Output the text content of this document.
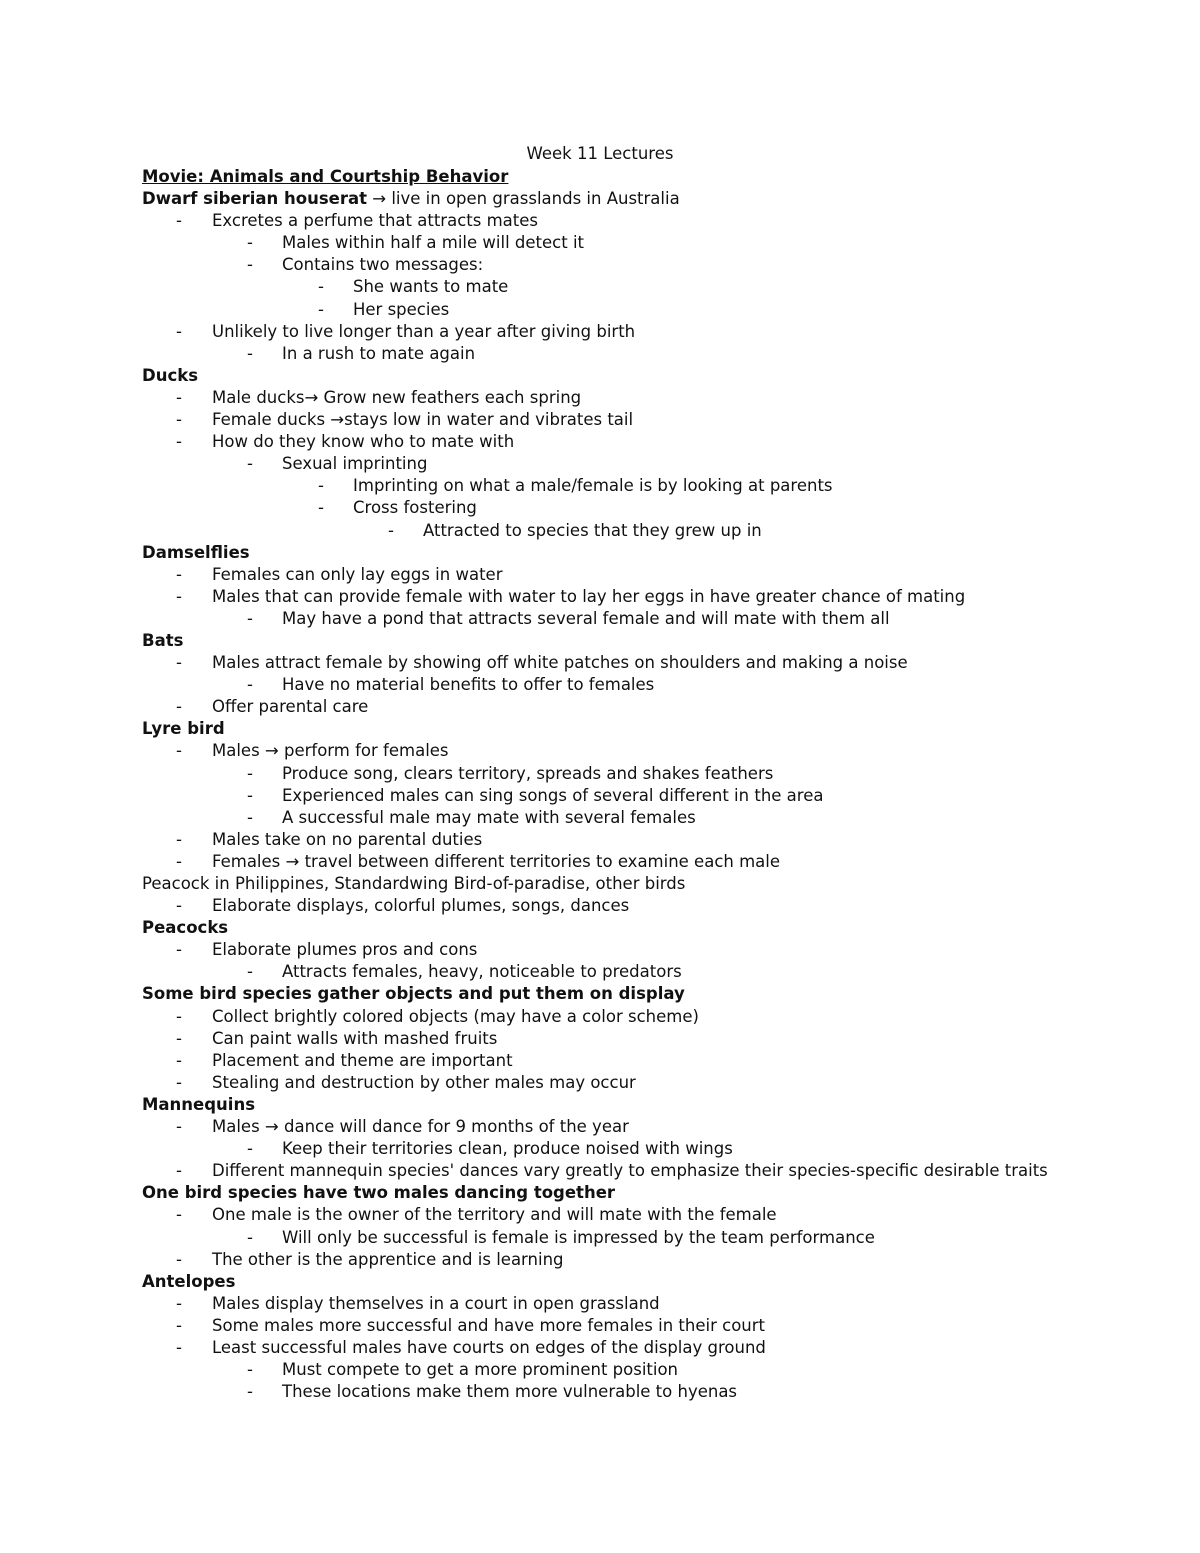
Week 11 Lectures
Movie: Animals and Courtship Behavior
Dwarf siberian houserat → live in open grasslands in Australia
- Excretes a perfume that attracts mates
- Males within half a mile will detect it
- Contains two messages:
- She wants to mate
- Her species
- Unlikely to live longer than a year after giving birth
- In a rush to mate again
Ducks
- Male ducks→ Grow new feathers each spring
- Female ducks →stays low in water and vibrates tail
- How do they know who to mate with
- Sexual imprinting
- Imprinting on what a male/female is by looking at parents
- Cross fostering
- Attracted to species that they grew up in
Damselflies
- Females can only lay eggs in water
- Males that can provide female with water to lay her eggs in have greater chance of mating
- May have a pond that attracts several female and will mate with them all
Bats
- Males attract female by showing off white patches on shoulders and making a noise
- Have no material benefits to offer to females
- Offer parental care
Lyre bird
- Males → perform for females
- Produce song, clears territory, spreads and shakes feathers
- Experienced males can sing songs of several different in the area
- A successful male may mate with several females
- Males take on no parental duties
- Females → travel between different territories to examine each male
Peacock in Philippines, Standardwing Bird-of-paradise, other birds
- Elaborate displays, colorful plumes, songs, dances
Peacocks
- Elaborate plumes pros and cons
- Attracts females, heavy, noticeable to predators
Some bird species gather objects and put them on display
- Collect brightly colored objects (may have a color scheme)
- Can paint walls with mashed fruits
- Placement and theme are important
- Stealing and destruction by other males may occur
Mannequins
- Males → dance will dance for 9 months of the year
- Keep their territories clean, produce noised with wings
- Different mannequin species' dances vary greatly to emphasize their species-specific desirable traits
One bird species have two males dancing together
- One male is the owner of the territory and will mate with the female
- Will only be successful is female is impressed by the team performance
- The other is the apprentice and is learning
Antelopes
- Males display themselves in a court in open grassland
- Some males more successful and have more females in their court
- Least successful males have courts on edges of the display ground
- Must compete to get a more prominent position
- These locations make them more vulnerable to hyenas
